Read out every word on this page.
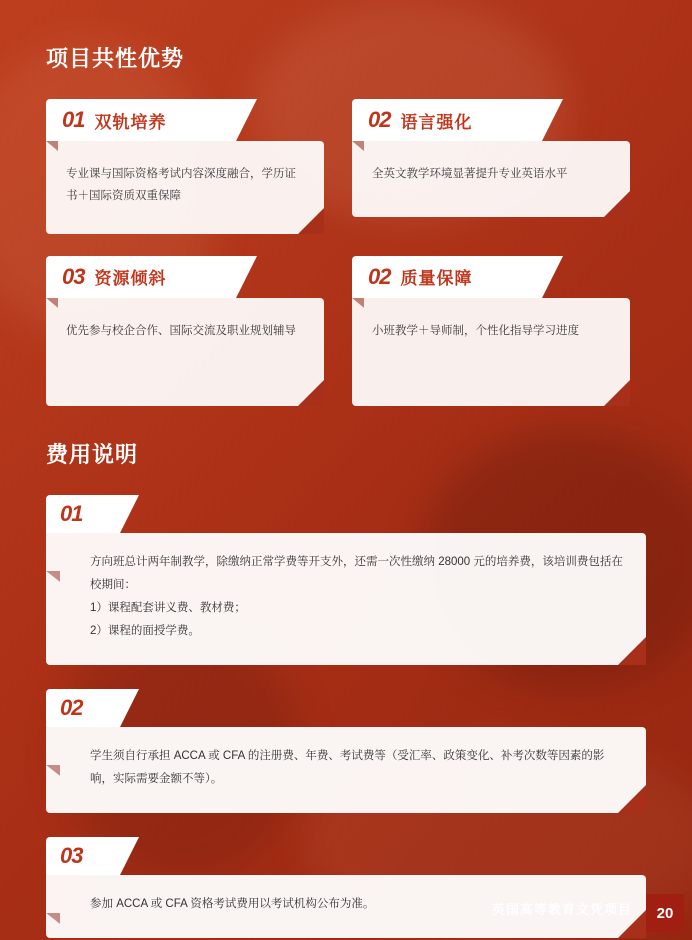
项目共性优势
01 双轨培养
专业课与国际资格考试内容深度融合，学历证书＋国际资质双重保障
02 语言强化
全英文教学环境显著提升专业英语水平
03 资源倾斜
优先参与校企合作、国际交流及职业规划辅导
02 质量保障
小班教学＋导师制，个性化指导学习进度
费用说明
01

方向班总计两年制教学，除缴纳正常学费等开支外，还需一次性缴纳 28000 元的培养费，该培训费包括在校期间：

1）课程配套讲义费、教材费；

2）课程的面授学费。

02

学生须自行承担 ACCA 或 CFA 的注册费、年费、考试费等（受汇率、政策变化、补考次数等因素的影响，实际需要金额不等）。

03

参加 ACCA 或 CFA 资格考试费用以考试机构公布为准。	英国高等教育文凭项目	20
